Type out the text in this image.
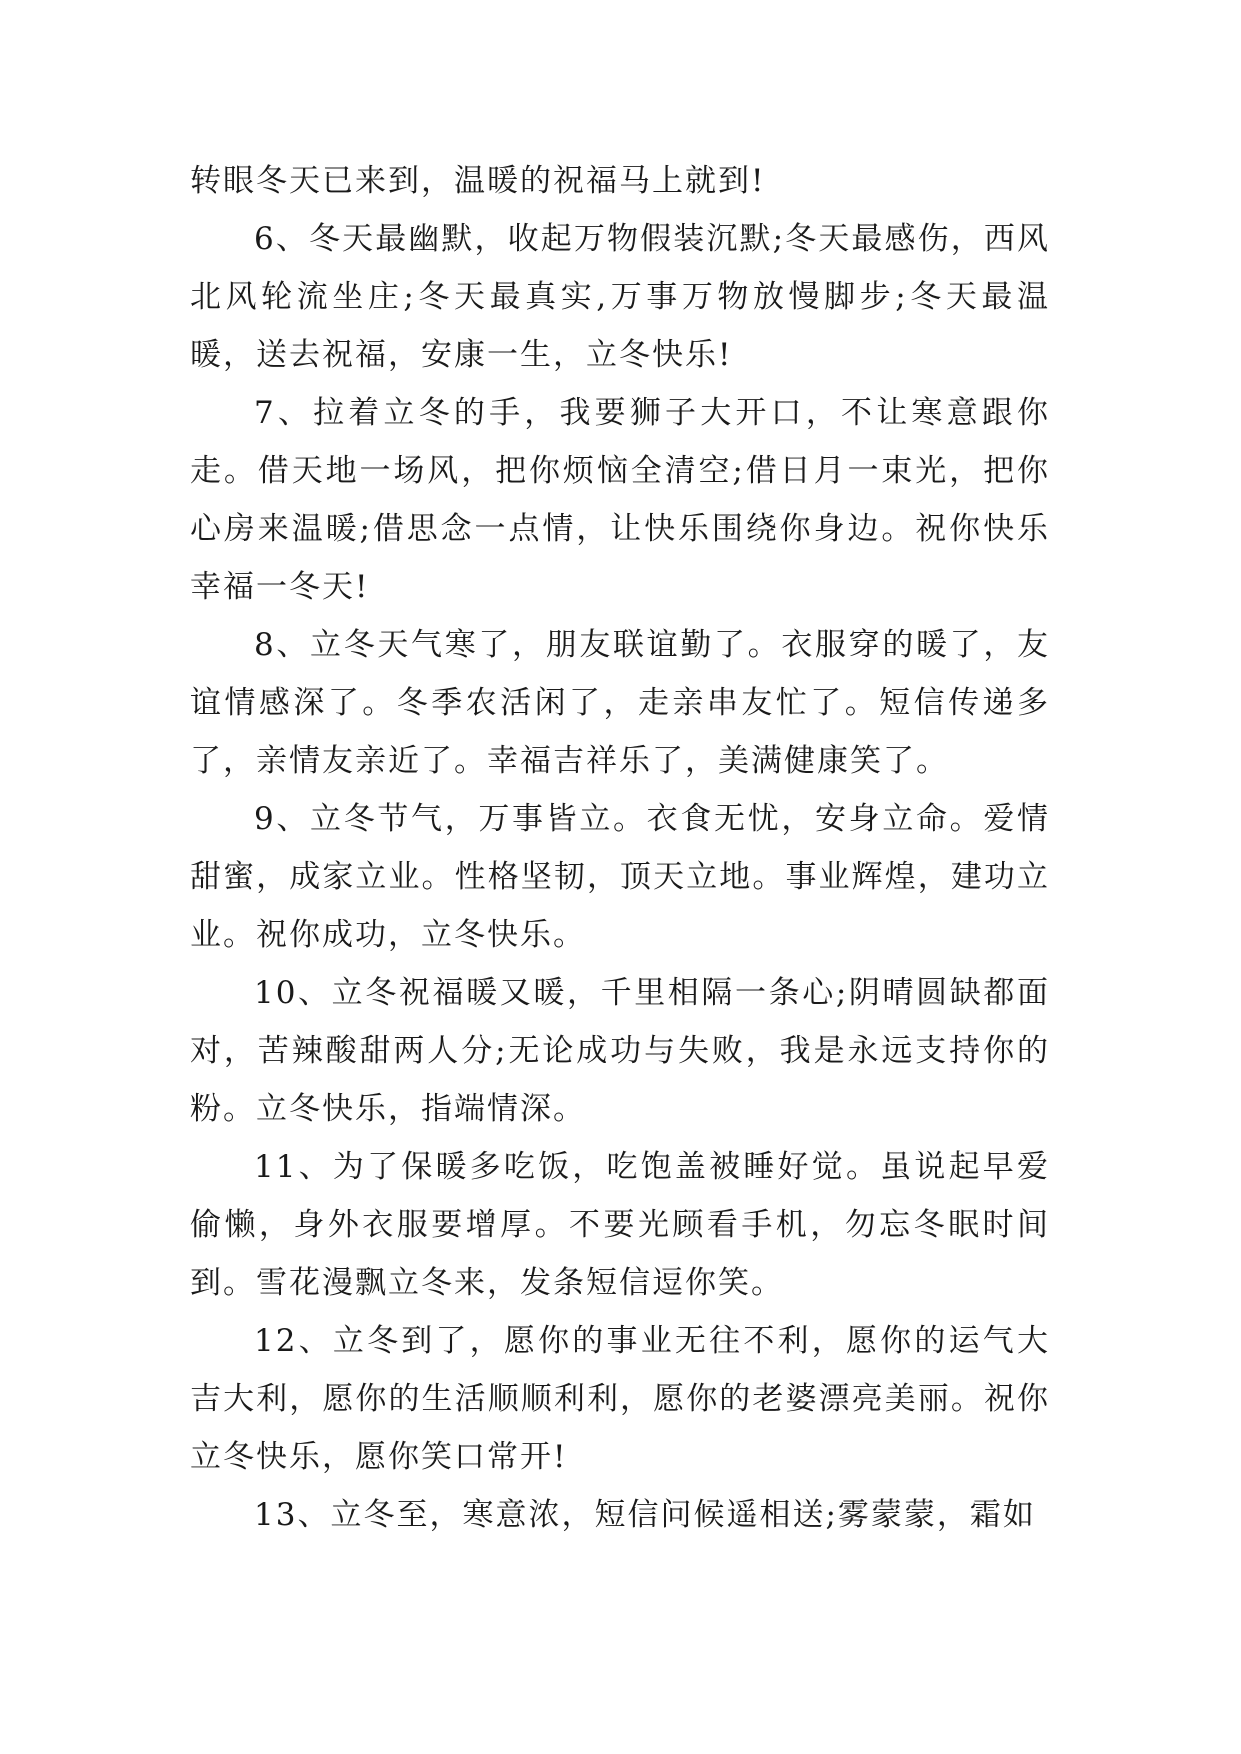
转眼冬天已来到，温暖的祝福马上就到!

6、冬天最幽默，收起万物假装沉默;冬天最感伤，西风北风轮流坐庄;冬天最真实,万事万物放慢脚步;冬天最温暖，送去祝福，安康一生，立冬快乐!

7、拉着立冬的手，我要狮子大开口，不让寒意跟你走。借天地一场风，把你烦恼全清空;借日月一束光，把你心房来温暖;借思念一点情，让快乐围绕你身边。祝你快乐幸福一冬天!

8、立冬天气寒了，朋友联谊勤了。衣服穿的暖了，友谊情感深了。冬季农活闲了，走亲串友忙了。短信传递多了，亲情友亲近了。幸福吉祥乐了，美满健康笑了。

9、立冬节气，万事皆立。衣食无忧，安身立命。爱情甜蜜，成家立业。性格坚韧，顶天立地。事业辉煌，建功立业。祝你成功，立冬快乐。

10、立冬祝福暖又暖，千里相隔一条心;阴晴圆缺都面对，苦辣酸甜两人分;无论成功与失败，我是永远支持你的粉。立冬快乐，指端情深。

11、为了保暖多吃饭，吃饱盖被睡好觉。虽说起早爱偷懒，身外衣服要增厚。不要光顾看手机，勿忘冬眠时间到。雪花漫飘立冬来，发条短信逗你笑。

12、立冬到了，愿你的事业无往不利，愿你的运气大吉大利，愿你的生活顺顺利利，愿你的老婆漂亮美丽。祝你立冬快乐，愿你笑口常开!

13、立冬至，寒意浓，短信问候遥相送;雾蒙蒙，霜如
